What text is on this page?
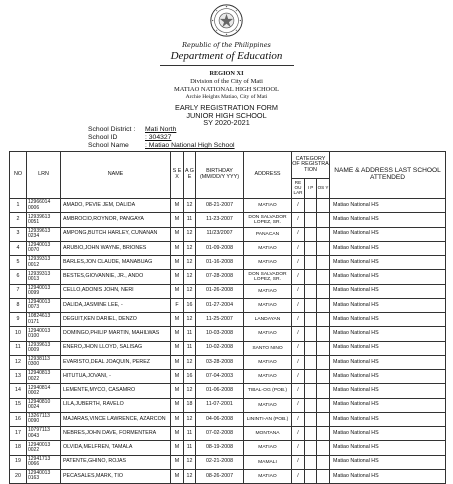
Republic of the Philippines
Department of Education
REGION XI
Division of the City of Mati
MATIAO NATIONAL HIGH SCHOOL
Archie Heights Matiao, City of Mati
EARLY REGISTRATION FORM
JUNIOR HIGH SCHOOL
SY 2020-2021
School District : Mati North
School ID	: 304327
School Name : Matiao National High School
NO	LRN	NAME	S E X	A G E	BIRTHDAY (MM/DD/Y YYY)	ADDRESS	CATEGORY OF REGISTRA TION			NAME & ADDRESS LAST SCHOOL ATTENDED
							RE OU LAR	I P	OS Y	
1	12966014 0006	AMADO, PEVIE JEM, DALIDA	M	12	08-21-2007	MATIAO	/			Matiao National HS
2	12939613 0051	AMBROCIO,ROYNOR, PANGAYA	M	11	11-23-2007	DON SALVADOR LOPEZ, SR.	/			Matiao National HS
3	12939613 0234	AMPONG,BUTCH HARLEY, CUNANAN	M	12	11/23/2007	PANACAN	/			Matiao National HS
4	12940013 0070	ARUBIO,JOHN WAYNE, BRIONES	M	12	01-09-2008	MATIAO	/			Matiao National HS
5	12939313 0012	BARLES,JON CLAUDE, MANABUAG	M	12	01-16-2008	MATIAO	/			Matiao National HS
6	12939313 0013	BESTES,GIOVANNIE, JR., ANDO	M	12	07-28-2008	DON SALVADOR LOPEZ, SR.	/			Matiao National HS
7	12940013 0099	CELLO,ADONIS JOHN, NERI	M	12	01-26-2008	MATIAO	/			Matiao National HS
8	12940013 0073	DALIDA,JASMINE LEE, -	F	16	01-27-2004	MATIAO	/			Matiao National HS
9	10824613 0171	DEGUIT,KEN DARIEL, DENZO	M	12	11-25-2007	LANDAYAN	/			Matiao National HS
10	12940013 0100	DOMINGO,PHILIP MARTIN, MAHILWAS	M	11	10-03-2008	MATIAO	/			Matiao National HS
11	12939613 0009	ENERO,JHON LLOYD, SALISAG	M	11	10-02-2008	SANTO NINO	/			Matiao National HS
12	12938113 0300	EVARISTO,DEAL JOAQUIN, PEREZ	M	12	03-28-2008	MATIAO	/			Matiao National HS
13	12940813 0022	HITUTUA,JOVANI, -	M	16	07-04-2003	MATIAO	/			Matiao National HS
14	12940814 0002	LEMENTE,MYCO, CASAMRO	M	12	01-06-2008	TIBAL-OG (POB.)	/			Matiao National HS
15	12940810 0024	LILA,JUBERTH, RAVELO	M	18	11-07-2001	MATIAO	/			Matiao National HS
16	13267113 0090	MAJARAS,VINCE LAWRENCE, AZARCON	M	12	04-06-2008	LININTI-AN (POB.)	/			Matiao National HS
17	10797113 0043	NEBRES,JOHN DAVE, FORMENTERA	M	11	07-02-2008	MONTANA	/			Matiao National HS
18	12940013 0022	OLVIDA,MELFREN, TAMALA	M	11	08-19-2008	MATIAO	/			Matiao National HS
19	12941713 0066	PATENTE,GHINO, ROJAS	M	12	02-21-2008	MAMALI	/			Matiao National HS
20	12940013 0163	PECASALES,MARK, TIO	M	12	08-26-2007	MATIAO	/			Matiao National HS
